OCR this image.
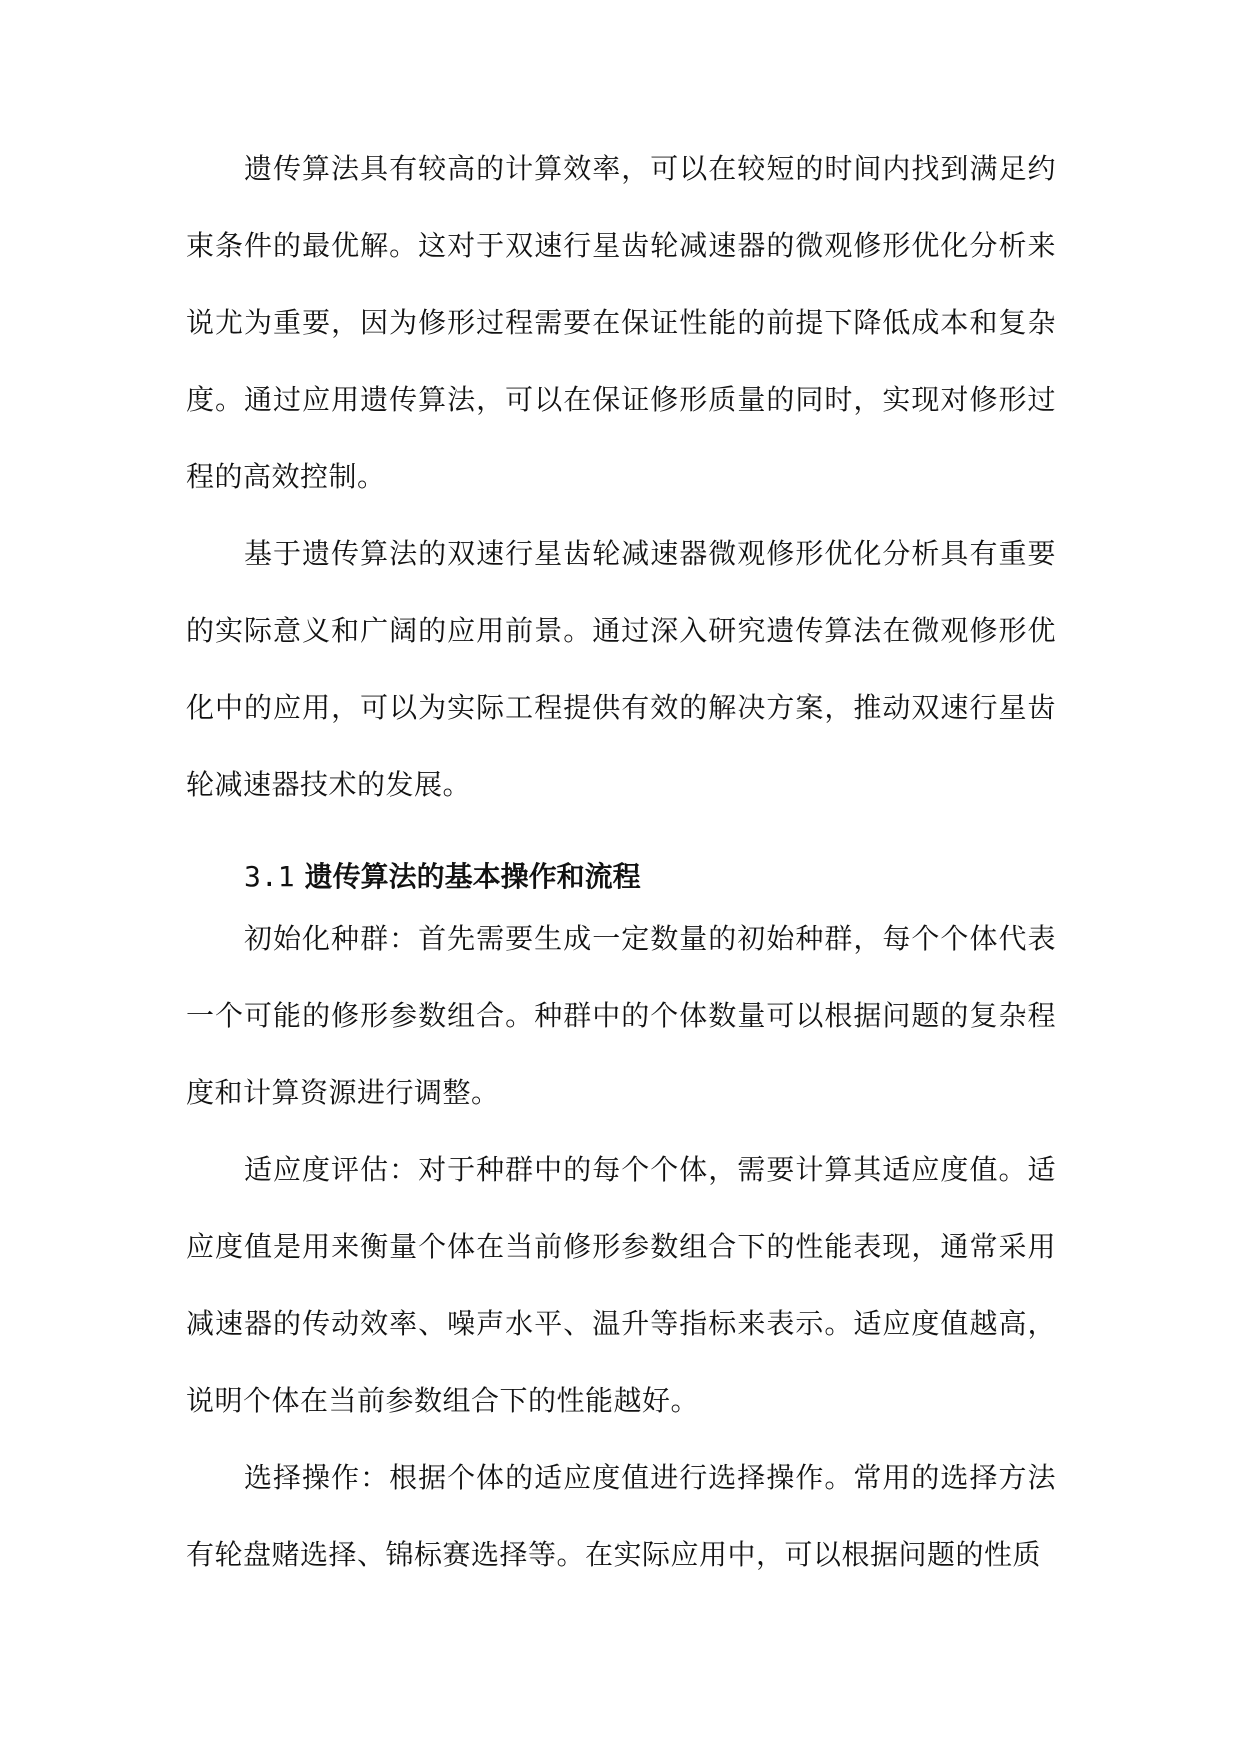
遗传算法具有较高的计算效率，可以在较短的时间内找到满足约束条件的最优解。这对于双速行星齿轮减速器的微观修形优化分析来说尤为重要，因为修形过程需要在保证性能的前提下降低成本和复杂度。通过应用遗传算法，可以在保证修形质量的同时，实现对修形过程的高效控制。

基于遗传算法的双速行星齿轮减速器微观修形优化分析具有重要的实际意义和广阔的应用前景。通过深入研究遗传算法在微观修形优化中的应用，可以为实际工程提供有效的解决方案，推动双速行星齿轮减速器技术的发展。

3.1 遗传算法的基本操作和流程

初始化种群：首先需要生成一定数量的初始种群，每个个体代表一个可能的修形参数组合。种群中的个体数量可以根据问题的复杂程度和计算资源进行调整。

适应度评估：对于种群中的每个个体，需要计算其适应度值。适应度值是用来衡量个体在当前修形参数组合下的性能表现，通常采用减速器的传动效率、噪声水平、温升等指标来表示。适应度值越高，说明个体在当前参数组合下的性能越好。

选择操作：根据个体的适应度值进行选择操作。常用的选择方法有轮盘赌选择、锦标赛选择等。在实际应用中，可以根据问题的性质
